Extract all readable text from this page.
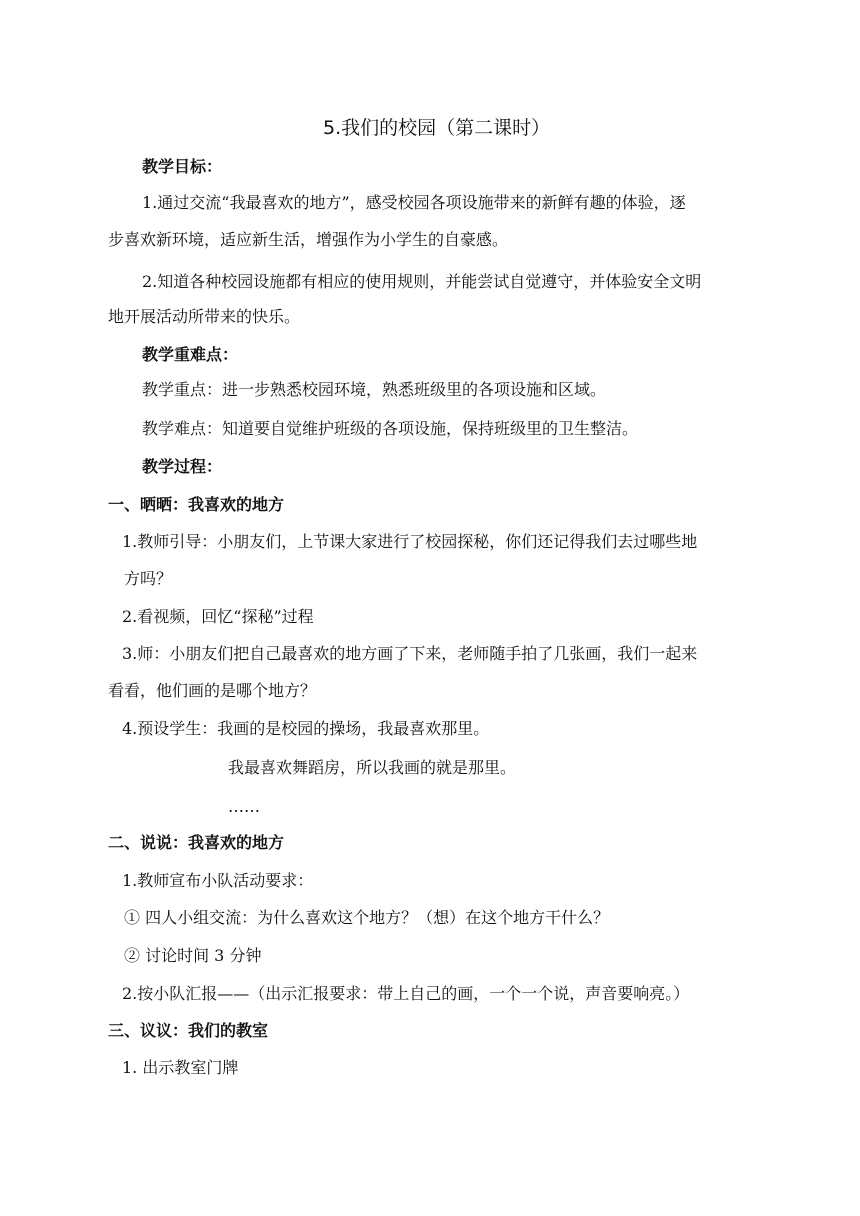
5.我们的校园（第二课时）
教学目标：
1.通过交流“我最喜欢的地方”，感受校园各项设施带来的新鲜有趣的体验，逐
步喜欢新环境，适应新生活，增强作为小学生的自豪感。
2.知道各种校园设施都有相应的使用规则，并能尝试自觉遵守，并体验安全文明
地开展活动所带来的快乐。
教学重难点：
教学重点：进一步熟悉校园环境，熟悉班级里的各项设施和区域。
教学难点：知道要自觉维护班级的各项设施，保持班级里的卫生整洁。
教学过程：
一、晒晒：我喜欢的地方
1.教师引导：小朋友们，上节课大家进行了校园探秘，你们还记得我们去过哪些地
方吗？
2.看视频，回忆“探秘”过程
3.师：小朋友们把自己最喜欢的地方画了下来，老师随手拍了几张画，我们一起来
看看，他们画的是哪个地方？
4.预设学生：我画的是校园的操场，我最喜欢那里。
我最喜欢舞蹈房，所以我画的就是那里。
……
二、说说：我喜欢的地方
1.教师宣布小队活动要求：
① 四人小组交流：为什么喜欢这个地方？（想）在这个地方干什么？
② 讨论时间 3 分钟
2.按小队汇报——（出示汇报要求：带上自己的画，一个一个说，声音要响亮。）
三、议议：我们的教室
1. 出示教室门牌
